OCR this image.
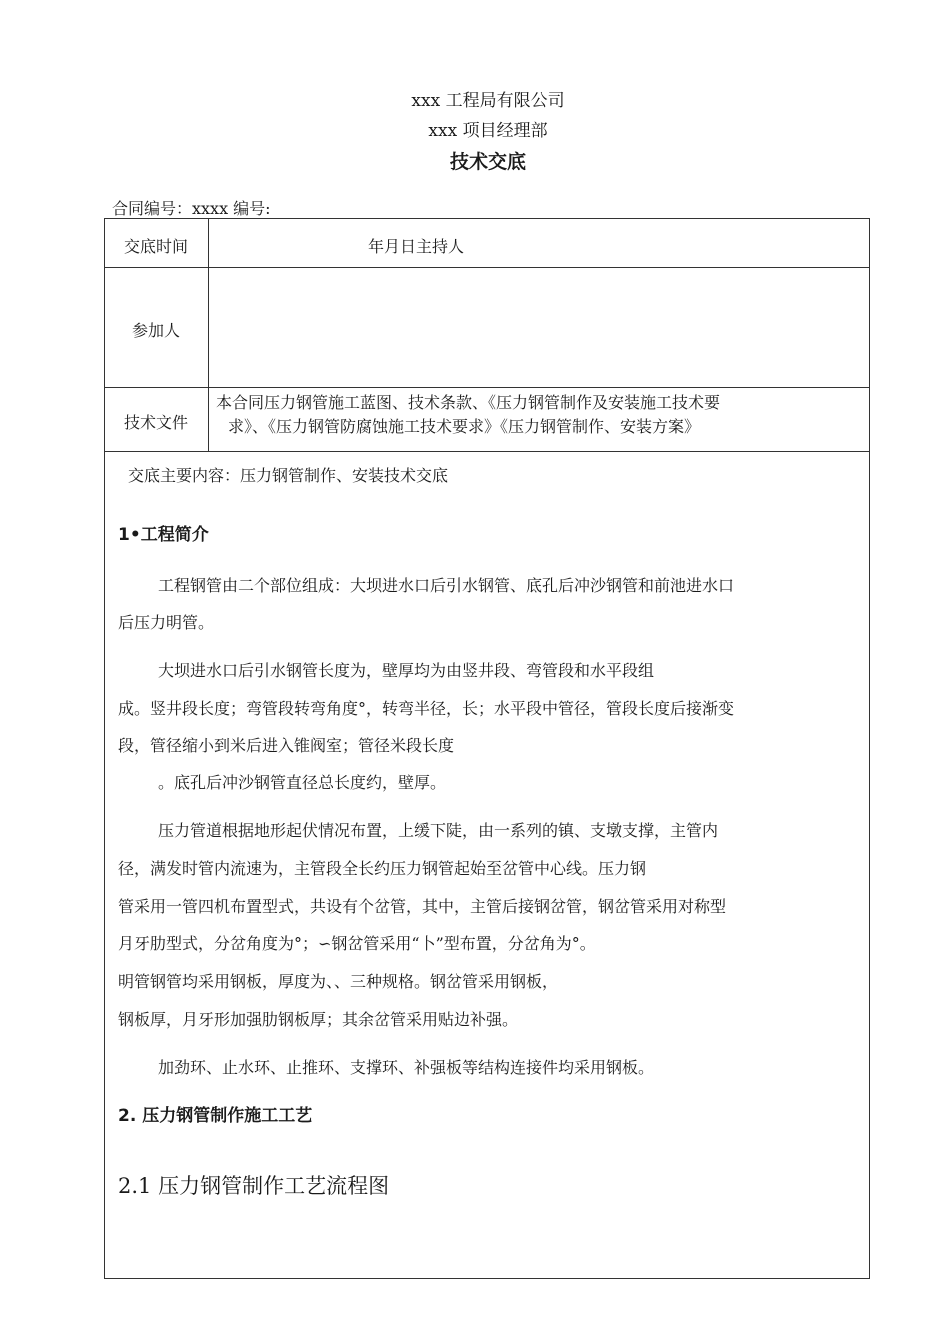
xxx 工程局有限公司
xxx 项目经理部
技术交底
合同编号：xxxx 编号:
交底时间	年月日主持人
参加人
技术文件
本合同压力钢管施工蓝图、技术条款、《压力钢管制作及安装施工技术要
求》、《压力钢管防腐蚀施工技术要求》《压力钢管制作、安装方案》
交底主要内容：压力钢管制作、安装技术交底
1•工程简介
工程钢管由二个部位组成：大坝进水口后引水钢管、底孔后冲沙钢管和前池进水口
后压力明管。
大坝进水口后引水钢管长度为，壁厚均为由竖井段、弯管段和水平段组
成。竖井段长度；弯管段转弯角度°，转弯半径，长；水平段中管径，管段长度后接渐变
段，管径缩小到米后进入锥阀室；管径米段长度
。底孔后冲沙钢管直径总长度约，壁厚。
压力管道根据地形起伏情况布置，上缓下陡，由一系列的镇、支墩支撑，主管内
径，满发时管内流速为，主管段全长约压力钢管起始至岔管中心线。压力钢
管采用一管四机布置型式，共设有个岔管，其中，主管后接钢岔管，钢岔管采用对称型
月牙肋型式，分岔角度为°；∽钢岔管采用“卜”型布置，分岔角为°。
明管钢管均采用钢板，厚度为、、三种规格。钢岔管采用钢板，
钢板厚，月牙形加强肋钢板厚；其余岔管采用贴边补强。
加劲环、止水环、止推环、支撑环、补强板等结构连接件均采用钢板。
2. 压力钢管制作施工工艺
2.1 压力钢管制作工艺流程图
